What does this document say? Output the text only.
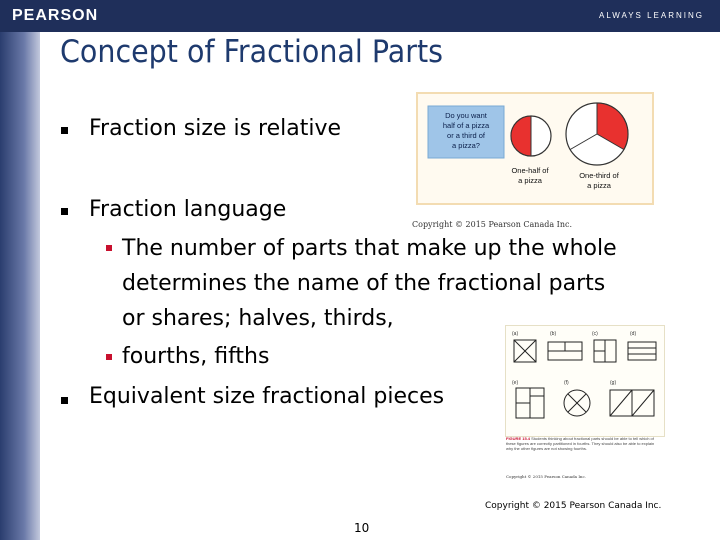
PEARSON	ALWAYS LEARNING
Concept of Fractional Parts
Fraction size is relative
Fraction language
The number of parts that make up the whole
determines the name of the fractional parts
or shares; halves, thirds,
fourths, fifths
Equivalent size fractional pieces
Do you want
half of a pizza
or a third of
a pizza?
One-half of
a pizza
One-third of
a pizza
Copyright © 2015 Pearson Canada Inc.
(a)	(b)	(c)	(d)
(e)	(f)	(g)
FIGURE 15.4 Students thinking about fractional parts should be able to tell which of these figures are correctly partitioned in fourths. They should also be able to explain why the other figures are not showing fourths.
Copyright © 2015 Pearson Canada Inc.
Copyright © 2015 Pearson Canada Inc.
10
